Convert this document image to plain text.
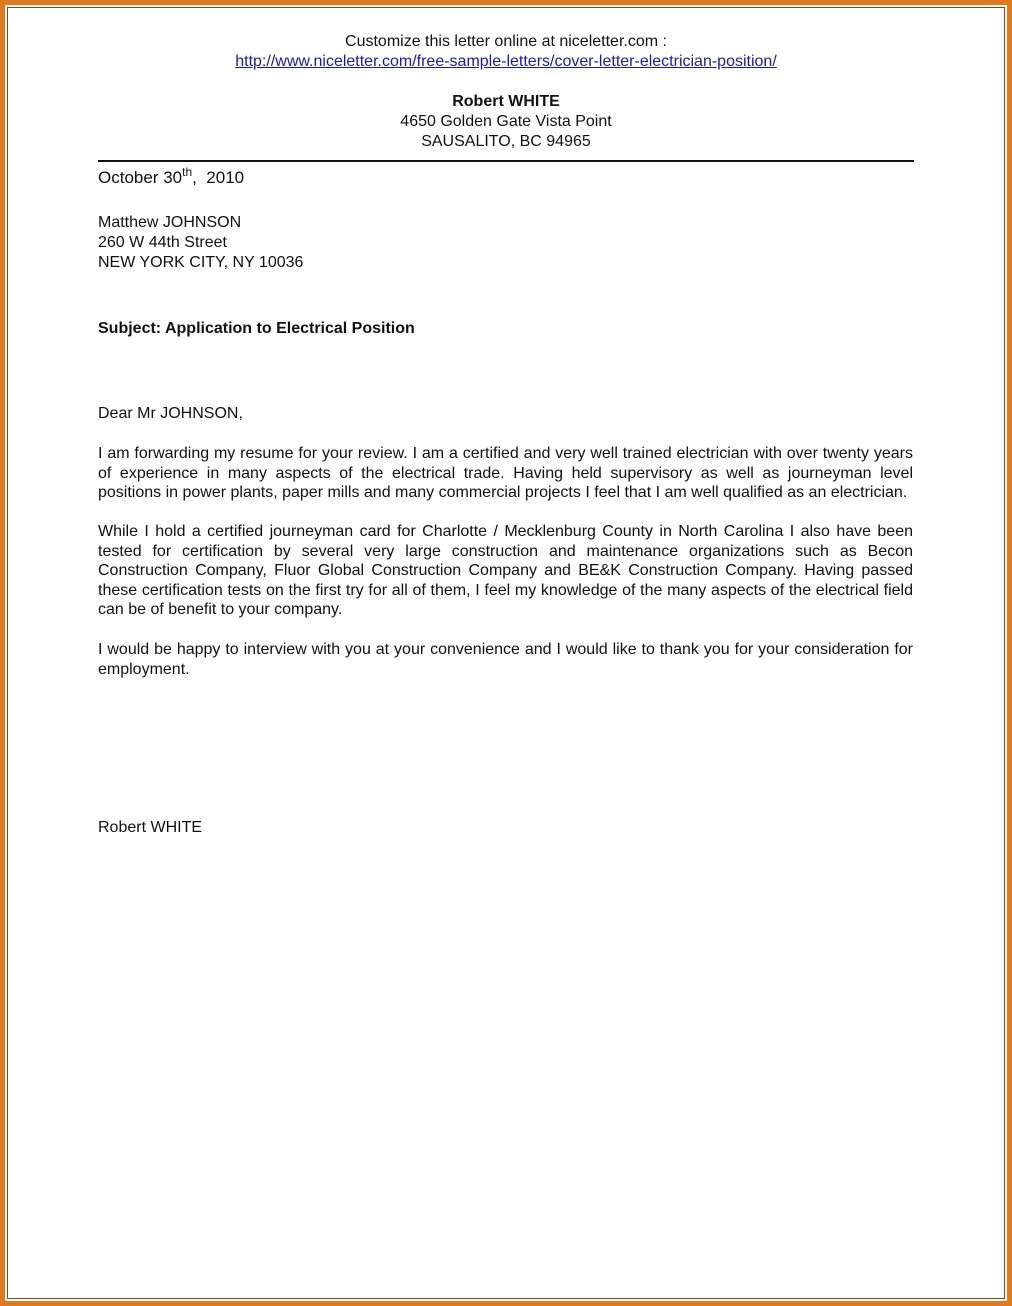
Customize this letter online at niceletter.com :
http://www.niceletter.com/free-sample-letters/cover-letter-electrician-position/
Robert WHITE
4650 Golden Gate Vista Point
SAUSALITO, BC 94965
October 30th,  2010
Matthew JOHNSON
260 W 44th Street
NEW YORK CITY, NY 10036
Subject: Application to Electrical Position
Dear Mr JOHNSON,
I am forwarding my resume for your review. I am a certified and very well trained electrician with over twenty years of experience in many aspects of the electrical trade. Having held supervisory as well as journeyman level positions in power plants, paper mills and many commercial projects I feel that I am well qualified as an electrician.
While I hold a certified journeyman card for Charlotte / Mecklenburg County in North Carolina I also have been tested for certification by several very large construction and maintenance organizations such as Becon Construction Company, Fluor Global Construction Company and BE&K Construction Company. Having passed these certification tests on the first try for all of them, I feel my knowledge of the many aspects of the electrical field can be of benefit to your company.
I would be happy to interview with you at your convenience and I would like to thank you for your consideration for employment.
Robert WHITE
